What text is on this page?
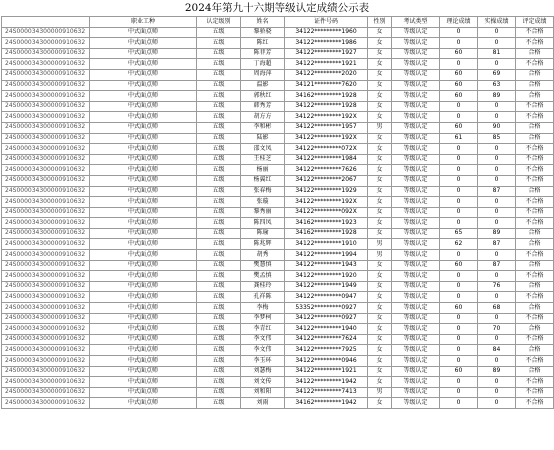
2024年第九十六期等级认定成绩公示表
	职业工种	认定级别	姓名	证件号码	性别	考试类型	理论成绩	实操成绩	评定成绩
24S000034300000910632	中式面点师	五级	黎骄骁	34122*********1960	女	等级认定	0	0	不合格
24S000034300000910632	中式面点师	五级	陈红	34122*********1986	女	等级认定	0	0	不合格
24S000034300000910632	中式面点师	五级	陈菲芳	34122*********1927	女	等级认定	60	81	合格
24S000034300000910632	中式面点师	五级	丁海超	34122*********1921	女	等级认定	0	0	不合格
24S000034300000910632	中式面点师	五级	周海萍	34122*********2020	女	等级认定	60	69	合格
24S000034300000910632	中式面点师	五级	温影	34121*********7620	女	等级认定	60	63	合格
24S000034300000910632	中式面点师	五级	郭秋红	34162*********1928	女	等级认定	60	89	合格
24S000034300000910632	中式面点师	五级	韩秀芳	34122*********1928	女	等级认定	0	0	不合格
24S000034300000910632	中式面点师	五级	胡方方	34122*********192X	女	等级认定	0	0	不合格
24S000034300000910632	中式面点师	五级	李和彬	34122*********1957	男	等级认定	60	90	合格
24S000034300000910632	中式面点师	五级	陆影	34122*********192X	女	等级认定	61	85	合格
24S000034300000910632	中式面点师	五级	邵文凤	34122*********072X	女	等级认定	0	0	不合格
24S000034300000910632	中式面点师	五级	王桂芝	34122*********1984	女	等级认定	0	0	不合格
24S000034300000910632	中式面点师	五级	杨丽	34122*********7626	女	等级认定	0	0	不合格
24S000034300000910632	中式面点师	五级	杨翼红	34122*********2067	女	等级认定	0	0	不合格
24S000034300000910632	中式面点师	五级	张春梅	34122*********1929	女	等级认定	0	87	合格
24S000034300000910632	中式面点师	五级	张璇	34122*********192X	女	等级认定	0	0	不合格
24S000034300000910632	中式面点师	五级	黎秀丽	34122*********092X	女	等级认定	0	0	不合格
24S000034300000910632	中式面点师	五级	陈四凤	34162*********1923	女	等级认定	0	0	不合格
24S000034300000910632	中式面点师	五级	陈瑜	34162*********1928	女	等级认定	65	89	合格
24S000034300000910632	中式面点师	五级	陈兆辉	34122*********1910	男	等级认定	62	87	合格
24S000034300000910632	中式面点师	五级	胡秀	34122*********1994	男	等级认定	0	0	不合格
24S000034300000910632	中式面点师	五级	樊慧慎	34122*********1943	女	等级认定	60	87	合格
24S000034300000910632	中式面点师	五级	樊孟慎	34122*********1920	女	等级认定	0	0	不合格
24S000034300000910632	中式面点师	五级	龚桂玲	34122*********1949	女	等级认定	0	76	合格
24S000034300000910632	中式面点师	五级	孔祥陈	34122*********0947	女	等级认定	0	0	不合格
24S000034300000910632	中式面点师	五级	李梅	53352*********0927	女	等级认定	60	68	合格
24S000034300000910632	中式面点师	五级	李梦柯	34122*********0927	女	等级认定	0	0	不合格
24S000034300000910632	中式面点师	五级	李青红	34122*********1940	女	等级认定	0	70	合格
24S000034300000910632	中式面点师	五级	李文伟	34122*********7624	女	等级认定	0	0	不合格
24S000034300000910632	中式面点师	五级	李文伟	34122*********7925	女	等级认定	0	84	合格
24S000034300000910632	中式面点师	五级	李玉环	34122*********0946	女	等级认定	0	0	不合格
24S000034300000910632	中式面点师	五级	刘瑟梅	34122*********1921	女	等级认定	60	89	合格
24S000034300000910632	中式面点师	五级	刘文传	34122*********1942	女	等级认定	0	0	不合格
24S000034300000910632	中式面点师	五级	刘和阳	34122*********7413	男	等级认定	0	0	不合格
24S000034300000910632	中式面点师	五级	刘雨	34162*********1942	女	等级认定	0	0	不合格
